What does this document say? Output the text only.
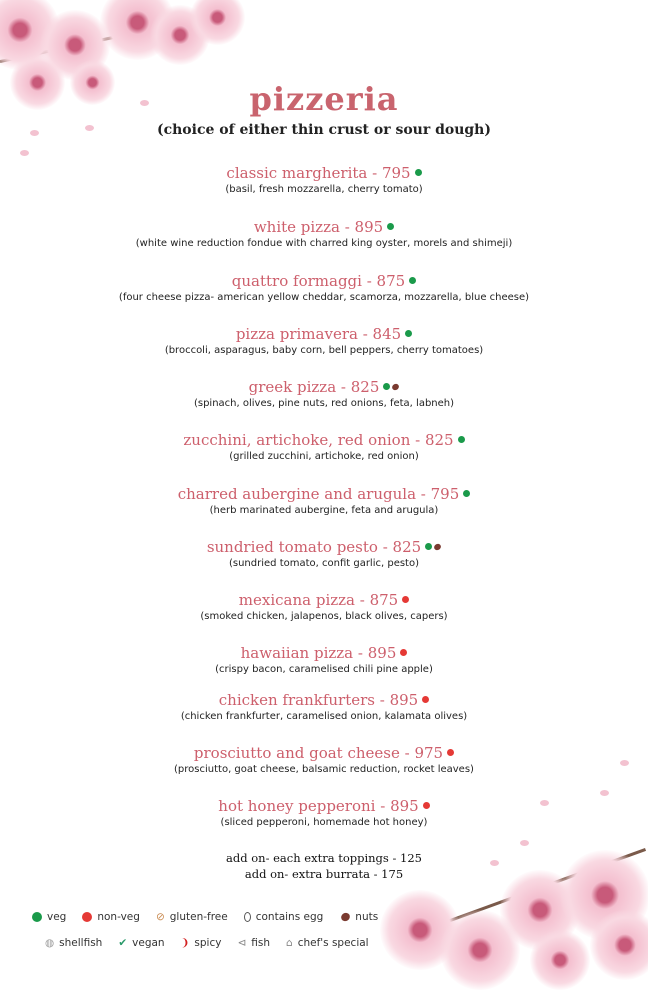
pizzeria
(choice of either thin crust or sour dough)
classic margherita - 795
(basil, fresh mozzarella, cherry tomato)
white pizza - 895
(white wine reduction fondue with charred king oyster, morels and shimeji)
quattro formaggi - 875
(four cheese pizza- american yellow cheddar, scamorza, mozzarella, blue cheese)
pizza primavera - 845
(broccoli, asparagus, baby corn, bell peppers, cherry tomatoes)
greek pizza - 825
(spinach, olives, pine nuts, red onions, feta, labneh)
zucchini, artichoke, red onion - 825
(grilled zucchini, artichoke, red onion)
charred aubergine and arugula - 795
(herb marinated aubergine, feta and arugula)
sundried tomato pesto - 825
(sundried tomato, confit garlic, pesto)
mexicana pizza - 875
(smoked chicken, jalapenos, black olives, capers)
hawaiian pizza - 895
(crispy bacon, caramelised chili pine apple)
chicken frankfurters - 895
(chicken frankfurter, caramelised onion, kalamata olives)
prosciutto and goat cheese - 975
(prosciutto, goat cheese, balsamic reduction, rocket leaves)
hot honey pepperoni - 895
(sliced pepperoni, homemade hot honey)
add on- each extra toppings - 125
add on- extra burrata - 175
veg	non-veg ⊘ gluten-free	contains egg	nuts
◍ shellfish ✔ vegan ❩ spicy ⊲ fish ⌂ chef's special
